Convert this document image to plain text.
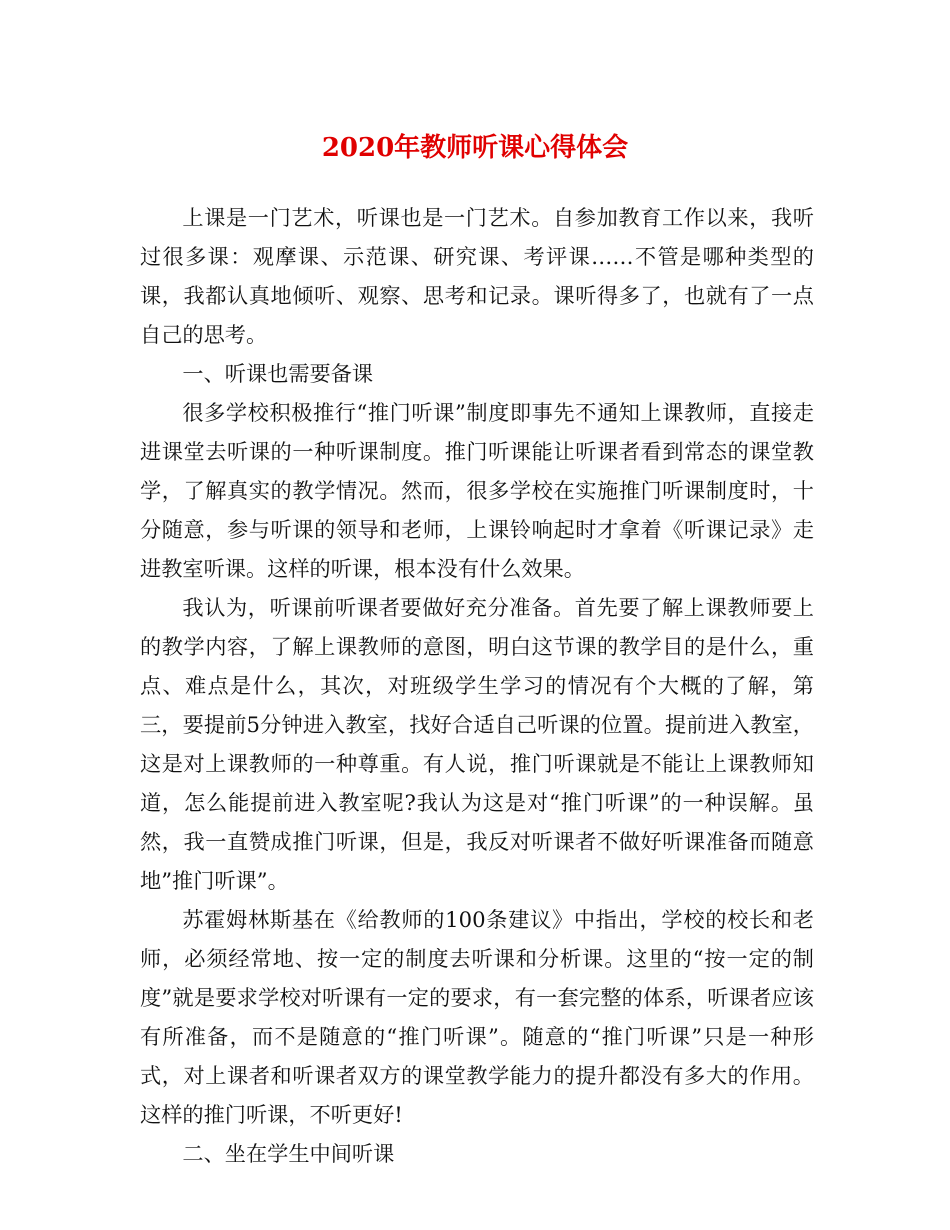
2020年教师听课心得体会

上课是一门艺术，听课也是一门艺术。自参加教育工作以来，我听过很多课：观摩课、示范课、研究课、考评课……不管是哪种类型的课，我都认真地倾听、观察、思考和记录。课听得多了，也就有了一点自己的思考。

一、听课也需要备课

很多学校积极推行“推门听课”制度即事先不通知上课教师，直接走进课堂去听课的一种听课制度。推门听课能让听课者看到常态的课堂教学，了解真实的教学情况。然而，很多学校在实施推门听课制度时，十分随意，参与听课的领导和老师，上课铃响起时才拿着《听课记录》走进教室听课。这样的听课，根本没有什么效果。

我认为，听课前听课者要做好充分准备。首先要了解上课教师要上的教学内容，了解上课教师的意图，明白这节课的教学目的是什么，重点、难点是什么，其次，对班级学生学习的情况有个大概的了解，第三，要提前5分钟进入教室，找好合适自己听课的位置。提前进入教室，这是对上课教师的一种尊重。有人说，推门听课就是不能让上课教师知道，怎么能提前进入教室呢?我认为这是对“推门听课”的一种误解。虽然，我一直赞成推门听课，但是，我反对听课者不做好听课准备而随意地”推门听课”。

苏霍姆林斯基在《给教师的100条建议》中指出，学校的校长和老师，必须经常地、按一定的制度去听课和分析课。这里的“按一定的制度”就是要求学校对听课有一定的要求，有一套完整的体系，听课者应该有所准备，而不是随意的“推门听课”。随意的“推门听课”只是一种形式，对上课者和听课者双方的课堂教学能力的提升都没有多大的作用。这样的推门听课，不听更好!

二、坐在学生中间听课
